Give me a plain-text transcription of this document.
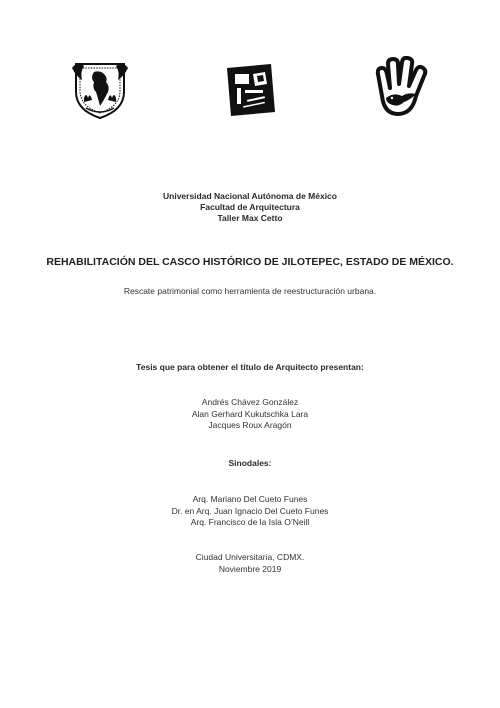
Universidad Nacional Autónoma de México
Facultad de Arquitectura
Taller Max Cetto
REHABILITACIÓN DEL CASCO HISTÓRICO DE JILOTEPEC, ESTADO DE MÉXICO.
Rescate patrimonial como herramienta de reestructuración urbana.
Tesis que para obtener el título de Arquitecto presentan:
Andrés Chávez González
Alan Gerhard Kukutschka Lara
Jacques Roux Aragón
Sinodales:
Arq. Mariano Del Cueto Funes
Dr. en Arq. Juan Ignacio Del Cueto Funes
Arq. Francisco de la Isla O’Neill
Ciudad Universitaria, CDMX.
Noviembre 2019
